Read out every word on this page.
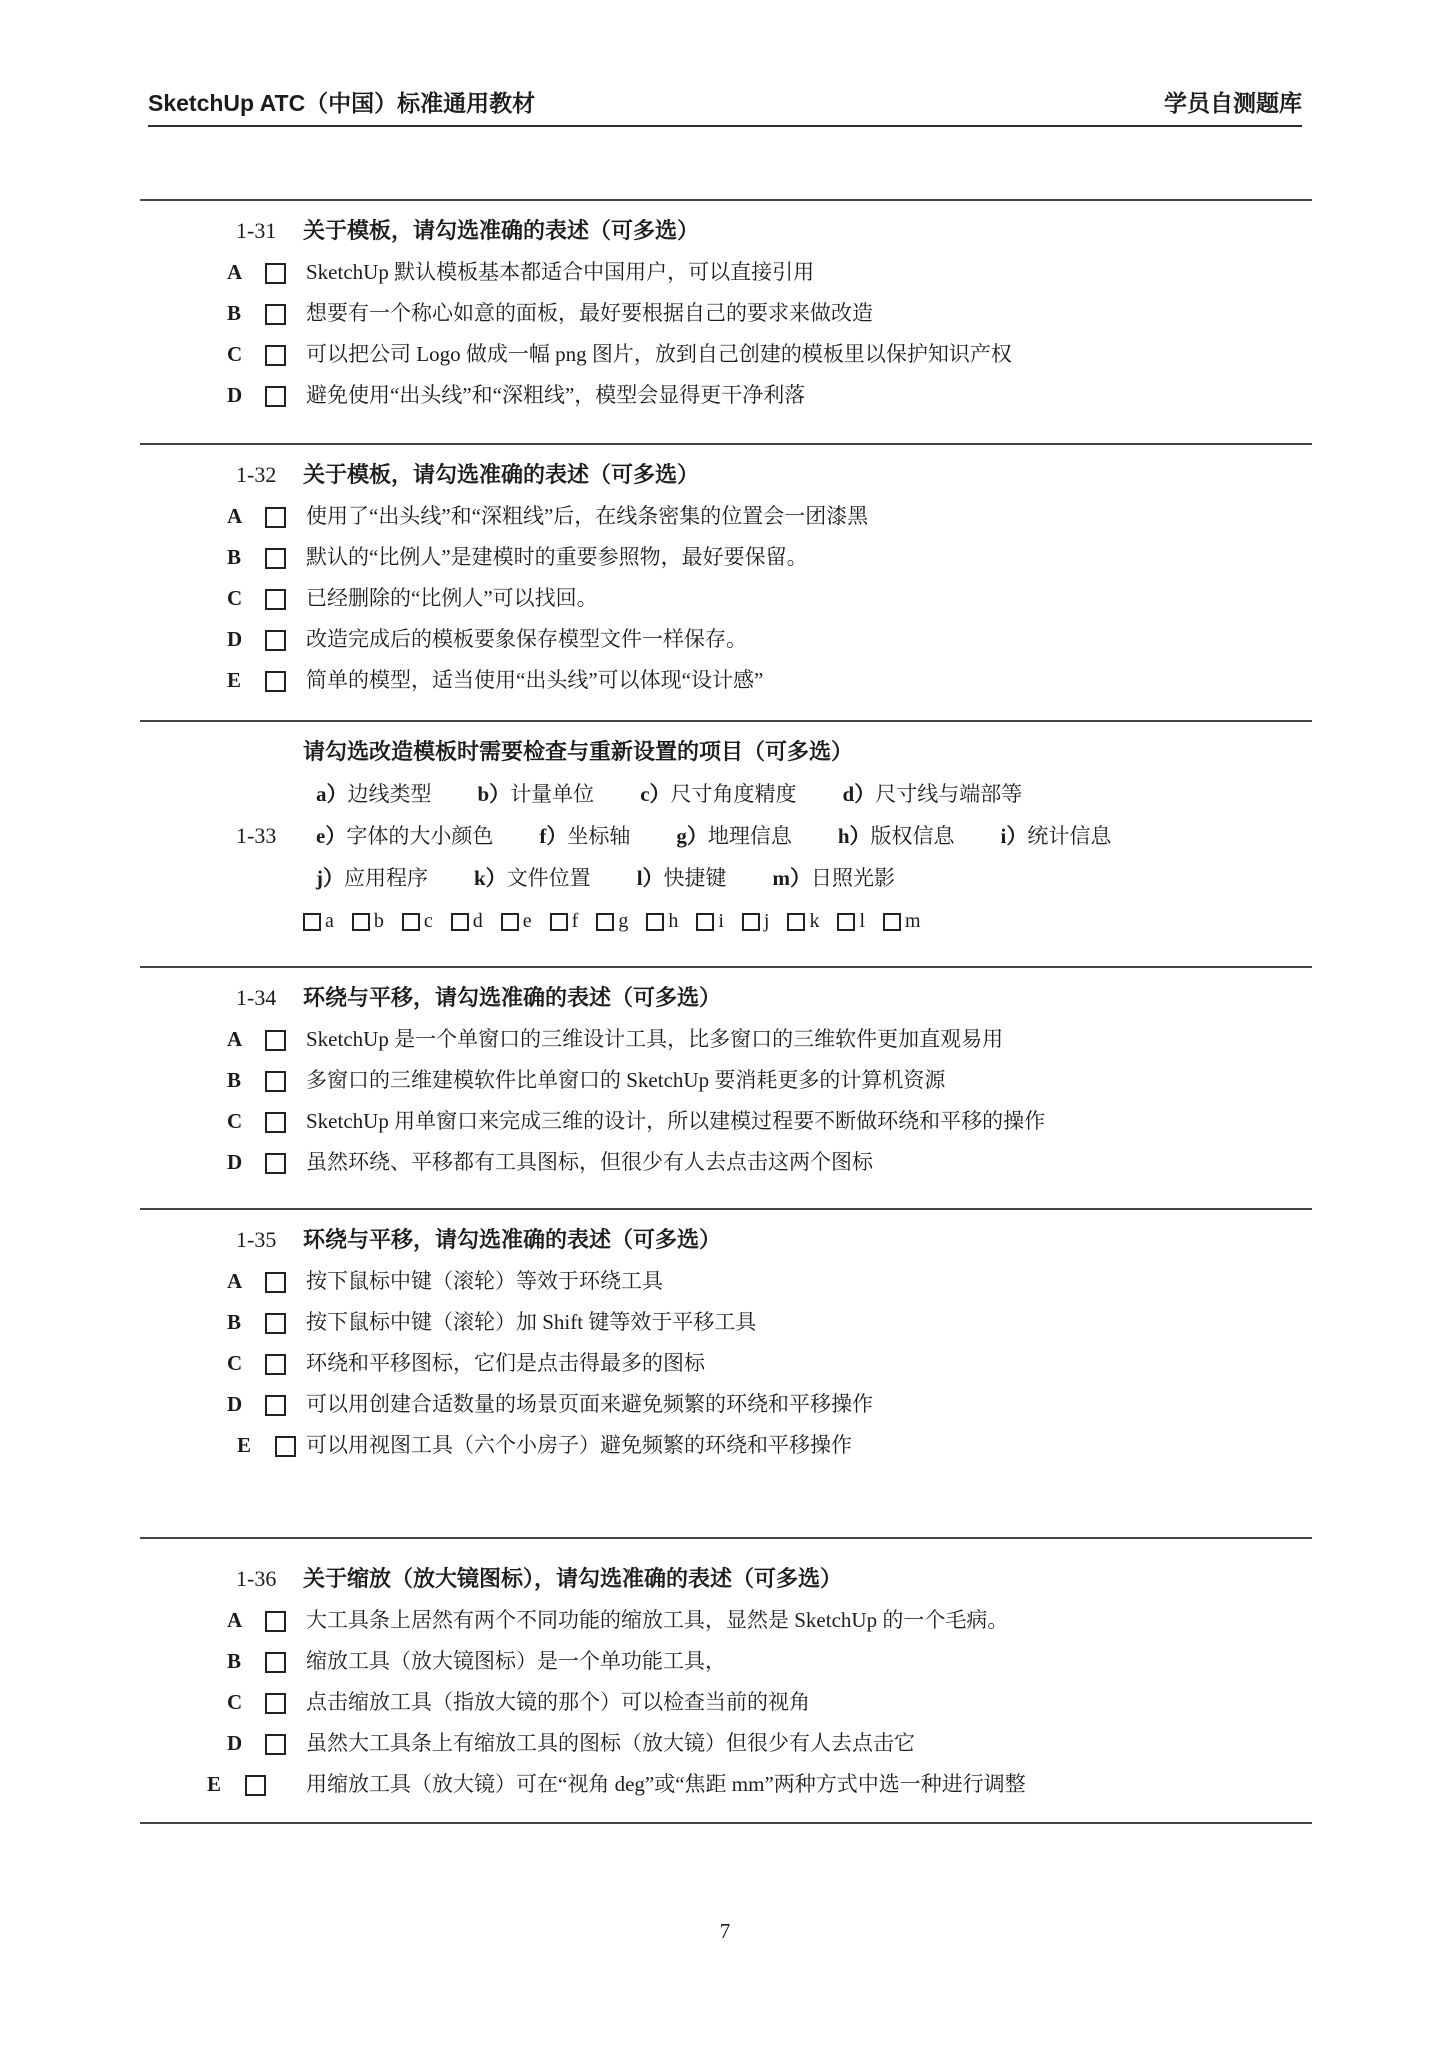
SketchUp ATC（中国）标准通用教材	学员自测题库
1-31	关于模板，请勾选准确的表述（可多选）
A	SketchUp 默认模板基本都适合中国用户，可以直接引用
B	想要有一个称心如意的面板，最好要根据自己的要求来做改造
C	可以把公司 Logo 做成一幅 png 图片，放到自己创建的模板里以保护知识产权
D	避免使用“出头线”和“深粗线”，模型会显得更干净利落
1-32	关于模板，请勾选准确的表述（可多选）
A	使用了“出头线”和“深粗线”后，在线条密集的位置会一团漆黑
B	默认的“比例人”是建模时的重要参照物，最好要保留。
C	已经删除的“比例人”可以找回。
D	改造完成后的模板要象保存模型文件一样保存。
E	简单的模型，适当使用“出头线”可以体现“设计感”
1-33
请勾选改造模板时需要检查与重新设置的项目（可多选）
a）边线类型 b）计量单位 c）尺寸角度精度 d）尺寸线与端部等
e）字体的大小颜色 f）坐标轴 g）地理信息 h）版权信息 i）统计信息
j）应用程序 k）文件位置 l）快捷键 m）日照光影
a b c d e f g h i j k l m
1-34	环绕与平移，请勾选准确的表述（可多选）
A	SketchUp 是一个单窗口的三维设计工具，比多窗口的三维软件更加直观易用
B	多窗口的三维建模软件比单窗口的 SketchUp 要消耗更多的计算机资源
C	SketchUp 用单窗口来完成三维的设计，所以建模过程要不断做环绕和平移的操作
D	虽然环绕、平移都有工具图标，但很少有人去点击这两个图标
1-35	环绕与平移，请勾选准确的表述（可多选）
A	按下鼠标中键（滚轮）等效于环绕工具
B	按下鼠标中键（滚轮）加 Shift 键等效于平移工具
C	环绕和平移图标，它们是点击得最多的图标
D	可以用创建合适数量的场景页面来避免频繁的环绕和平移操作
E	可以用视图工具（六个小房子）避免频繁的环绕和平移操作
1-36	关于缩放（放大镜图标），请勾选准确的表述（可多选）
A	大工具条上居然有两个不同功能的缩放工具，显然是 SketchUp 的一个毛病。
B	缩放工具（放大镜图标）是一个单功能工具，
C	点击缩放工具（指放大镜的那个）可以检查当前的视角
D	虽然大工具条上有缩放工具的图标（放大镜）但很少有人去点击它
E	用缩放工具（放大镜）可在“视角 deg”或“焦距 mm”两种方式中选一种进行调整
7
